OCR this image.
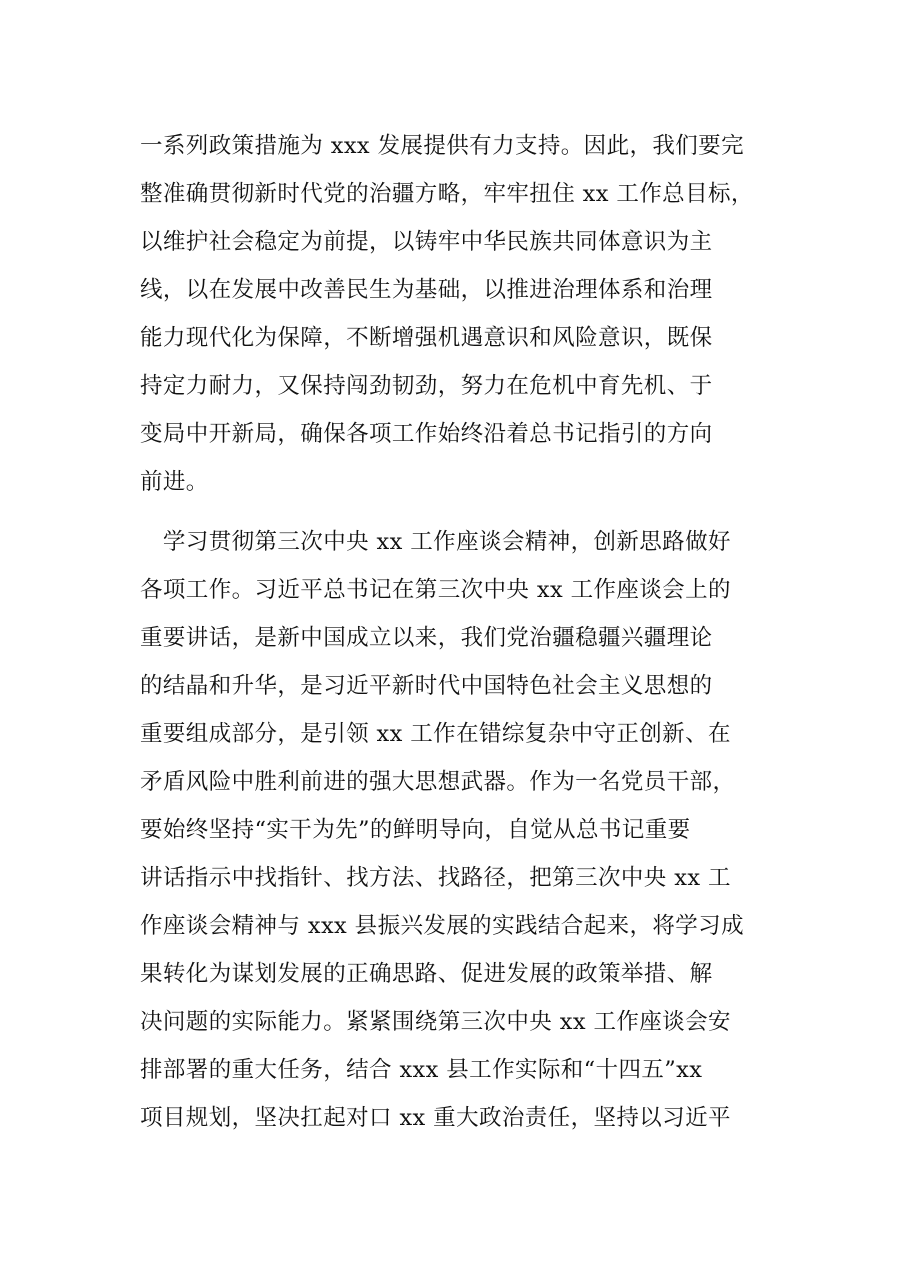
一系列政策措施为 xxx 发展提供有力支持。因此，我们要完
整准确贯彻新时代党的治疆方略，牢牢扭住 xx 工作总目标，
以维护社会稳定为前提，以铸牢中华民族共同体意识为主
线，以在发展中改善民生为基础，以推进治理体系和治理
能力现代化为保障，不断增强机遇意识和风险意识，既保
持定力耐力，又保持闯劲韧劲，努力在危机中育先机、于
变局中开新局，确保各项工作始终沿着总书记指引的方向
前进。
　学习贯彻第三次中央 xx 工作座谈会精神，创新思路做好
各项工作。习近平总书记在第三次中央 xx 工作座谈会上的
重要讲话，是新中国成立以来，我们党治疆稳疆兴疆理论
的结晶和升华，是习近平新时代中国特色社会主义思想的
重要组成部分，是引领 xx 工作在错综复杂中守正创新、在
矛盾风险中胜利前进的强大思想武器。作为一名党员干部，
要始终坚持“实干为先”的鲜明导向，自觉从总书记重要
讲话指示中找指针、找方法、找路径，把第三次中央 xx 工
作座谈会精神与 xxx 县振兴发展的实践结合起来，将学习成
果转化为谋划发展的正确思路、促进发展的政策举措、解
决问题的实际能力。紧紧围绕第三次中央 xx 工作座谈会安
排部署的重大任务，结合 xxx 县工作实际和“十四五”xx
项目规划，坚决扛起对口 xx 重大政治责任，坚持以习近平
